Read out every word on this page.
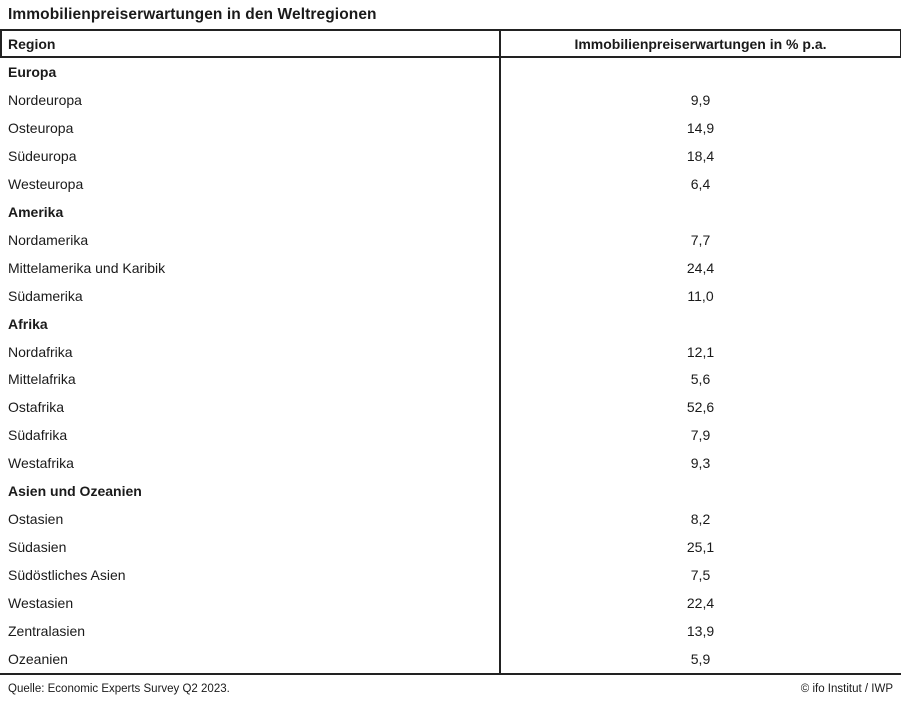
Immobilienpreiserwartungen in den Weltregionen
Region	Immobilienpreiserwartungen in % p.a.
Europa
Nordeuropa	9,9
Osteuropa	14,9
Südeuropa	18,4
Westeuropa	6,4
Amerika
Nordamerika	7,7
Mittelamerika und Karibik	24,4
Südamerika	11,0
Afrika
Nordafrika	12,1
Mittelafrika	5,6
Ostafrika	52,6
Südafrika	7,9
Westafrika	9,3
Asien und Ozeanien
Ostasien	8,2
Südasien	25,1
Südöstliches Asien	7,5
Westasien	22,4
Zentralasien	13,9
Ozeanien	5,9
Quelle: Economic Experts Survey Q2 2023.	© ifo Institut / IWP
